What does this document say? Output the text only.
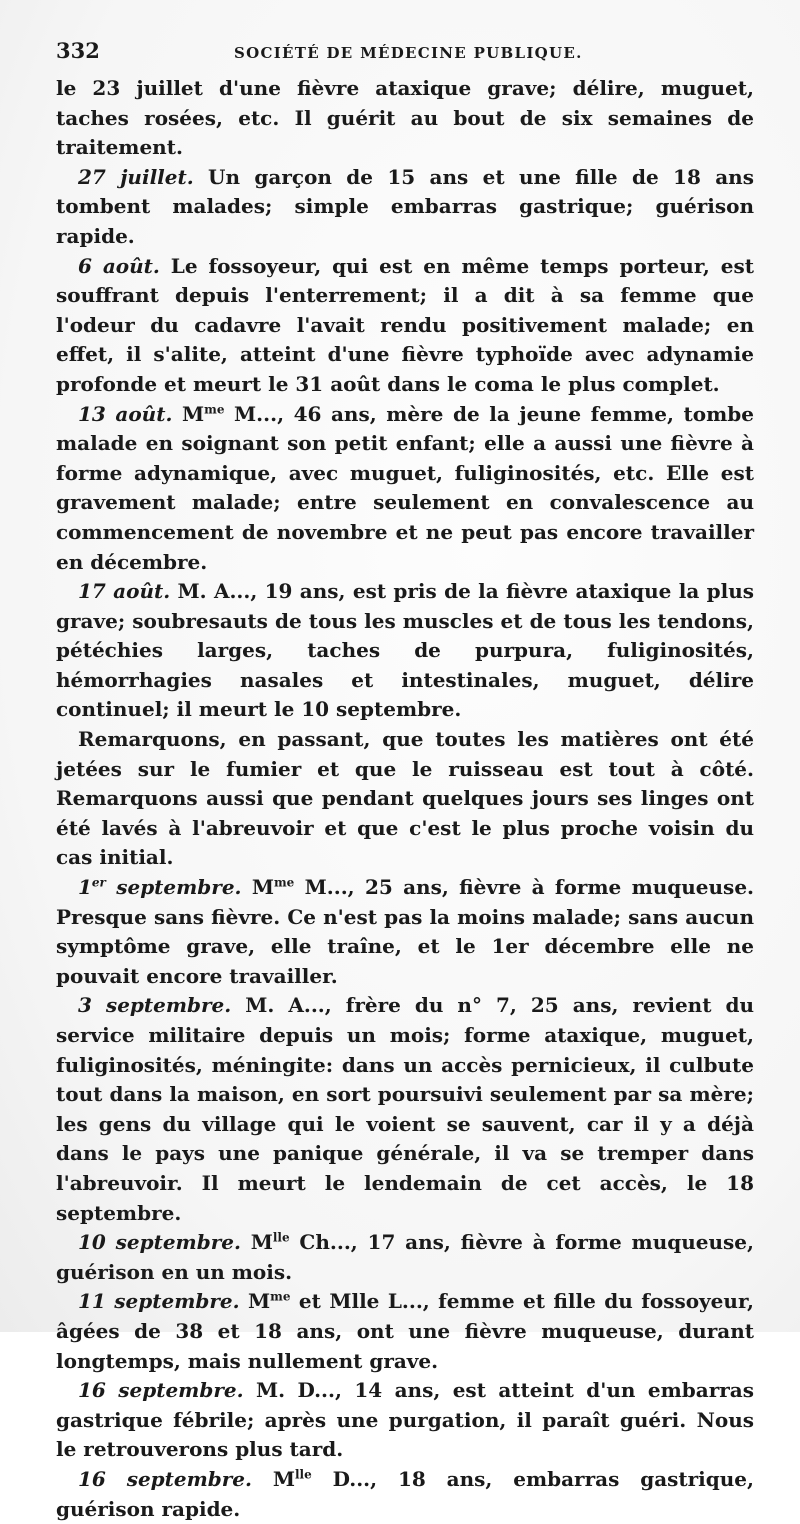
332	SOCIÉTÉ DE MÉDECINE PUBLIQUE.

le 23 juillet d'une fièvre ataxique grave; délire, muguet, taches rosées, etc. Il guérit au bout de six semaines de traitement.

27 juillet. Un garçon de 15 ans et une fille de 18 ans tombent malades; simple embarras gastrique; guérison rapide.

6 août. Le fossoyeur, qui est en même temps porteur, est souffrant depuis l'enterrement; il a dit à sa femme que l'odeur du cadavre l'avait rendu positivement malade; en effet, il s'alite, atteint d'une fièvre typhoïde avec adynamie profonde et meurt le 31 août dans le coma le plus complet.

13 août. $M^{me}$ M..., 46 ans, mère de la jeune femme, tombe malade en soignant son petit enfant; elle a aussi une fièvre à forme adynamique, avec muguet, fuliginosités, etc. Elle est gravement malade; entre seulement en convalescence au commencement de novembre et ne peut pas encore travailler en décembre.

17 août. M. A..., 19 ans, est pris de la fièvre ataxique la plus grave; soubresauts de tous les muscles et de tous les tendons, pétéchies larges, taches de purpura, fuliginosités, hémorrhagies nasales et intestinales, muguet, délire continuel; il meurt le 10 septembre.

Remarquons, en passant, que toutes les matières ont été jetées sur le fumier et que le ruisseau est tout à côté. Remarquons aussi que pendant quelques jours ses linges ont été lavés à l'abreuvoir et que c'est le plus proche voisin du cas initial.

1er septembre. $M^{me}$ M..., 25 ans, fièvre à forme muqueuse. Presque sans fièvre. Ce n'est pas la moins malade; sans aucun symptôme grave, elle traîne, et le 1er décembre elle ne pouvait encore travailler.

3 septembre. M. A..., frère du n° 7, 25 ans, revient du service militaire depuis un mois; forme ataxique, muguet, fuliginosités, méningite: dans un accès pernicieux, il culbute tout dans la maison, en sort poursuivi seulement par sa mère; les gens du village qui le voient se sauvent, car il y a déjà dans le pays une panique générale, il va se tremper dans l'abreuvoir. Il meurt le lendemain de cet accès, le 18 septembre.

10 septembre. $M^{lle}$ Ch..., 17 ans, fièvre à forme muqueuse, guérison en un mois.

11 septembre. $M^{me}$ et Mlle L..., femme et fille du fossoyeur, âgées de 38 et 18 ans, ont une fièvre muqueuse, durant longtemps, mais nullement grave.

16 septembre. M. D..., 14 ans, est atteint d'un embarras gastrique fébrile; après une purgation, il paraît guéri. Nous le retrouverons plus tard.

16 septembre. $M^{lle}$ D..., 18 ans, embarras gastrique, guérison rapide.
